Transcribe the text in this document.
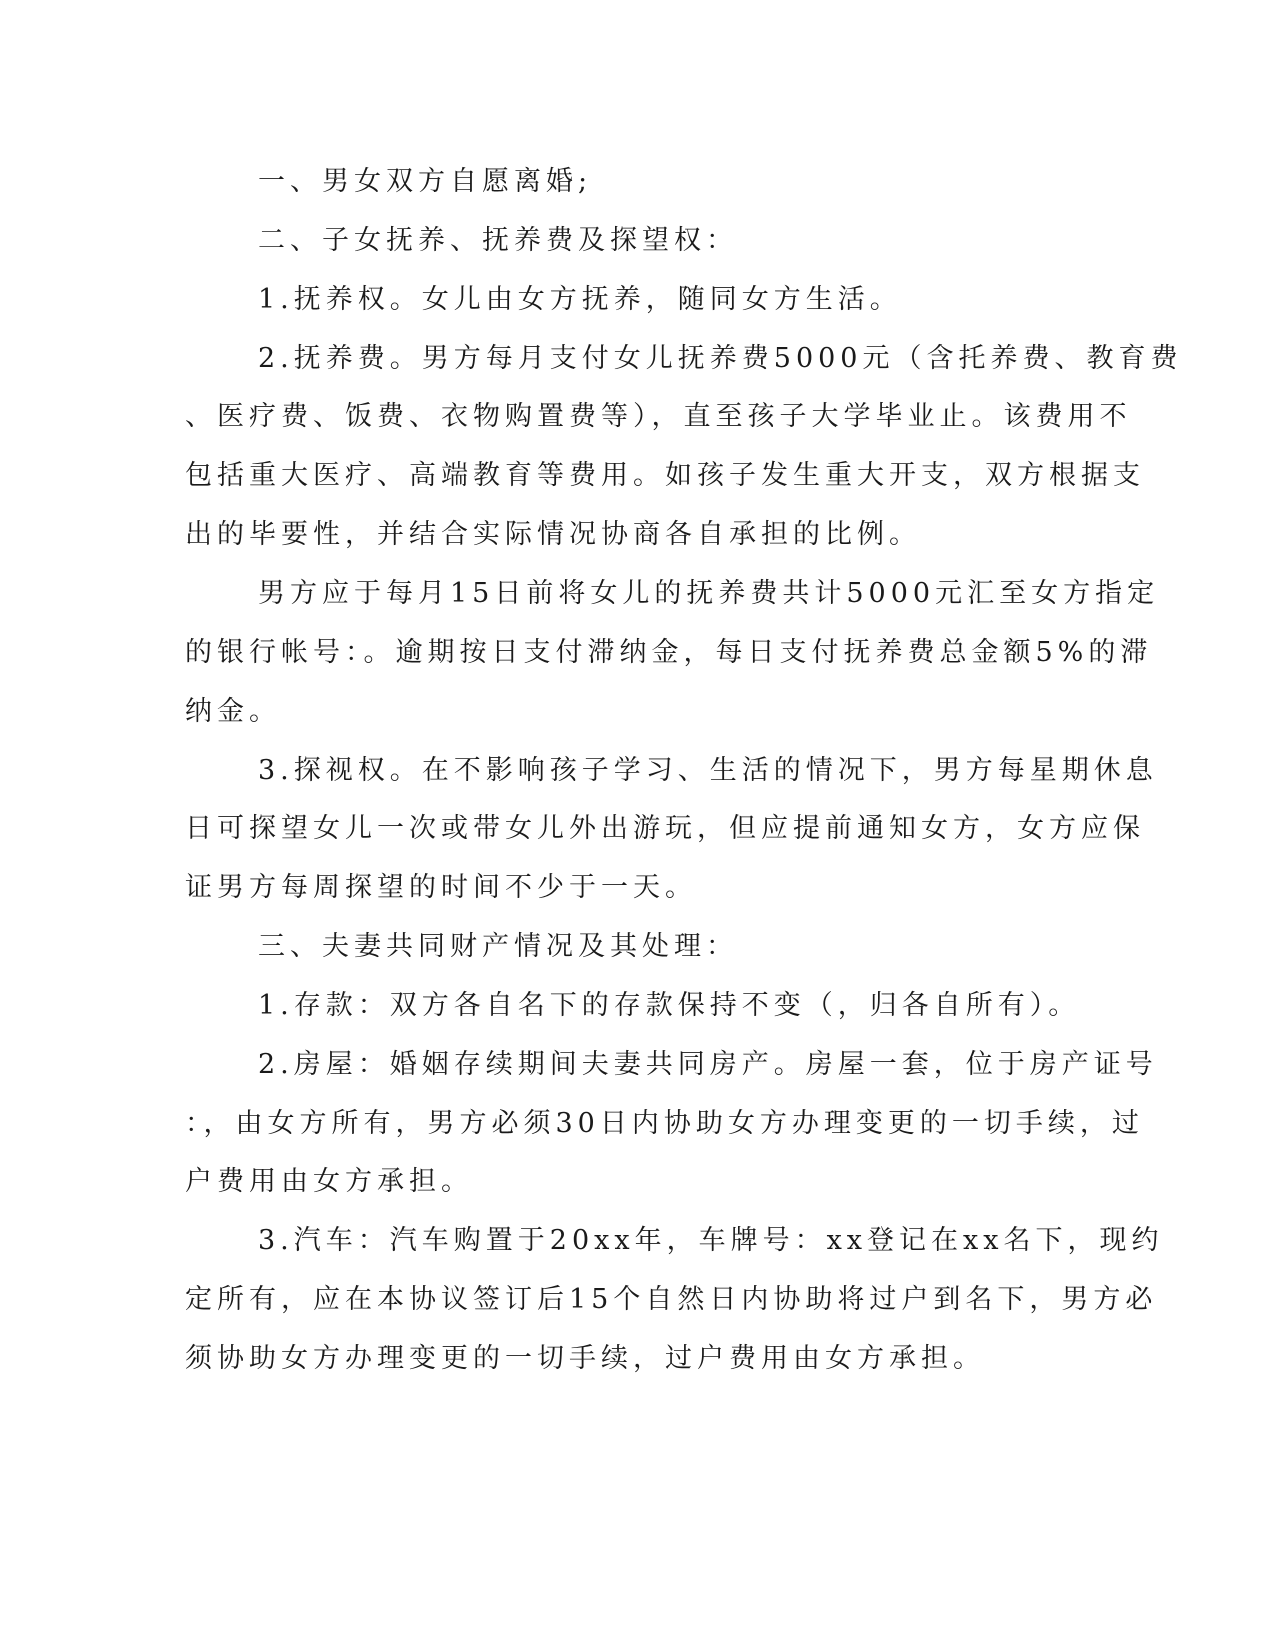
一、男女双方自愿离婚;
二、子女抚养、抚养费及探望权：
1.抚养权。女儿由女方抚养，随同女方生活。
2.抚养费。男方每月支付女儿抚养费5000元（含托养费、教育费
、医疗费、饭费、衣物购置费等），直至孩子大学毕业止。该费用不
包括重大医疗、高端教育等费用。如孩子发生重大开支，双方根据支
出的毕要性，并结合实际情况协商各自承担的比例。
男方应于每月15日前将女儿的抚养费共计5000元汇至女方指定
的银行帐号：。逾期按日支付滞纳金，每日支付抚养费总金额5%的滞
纳金。
3.探视权。在不影响孩子学习、生活的情况下，男方每星期休息
日可探望女儿一次或带女儿外出游玩，但应提前通知女方，女方应保
证男方每周探望的时间不少于一天。
三、夫妻共同财产情况及其处理：
1.存款：双方各自名下的存款保持不变（，归各自所有）。
2.房屋：婚姻存续期间夫妻共同房产。房屋一套，位于房产证号
：，由女方所有，男方必须30日内协助女方办理变更的一切手续，过
户费用由女方承担。
3.汽车：汽车购置于20xx年，车牌号：xx登记在xx名下，现约
定所有，应在本协议签订后15个自然日内协助将过户到名下，男方必
须协助女方办理变更的一切手续，过户费用由女方承担。
